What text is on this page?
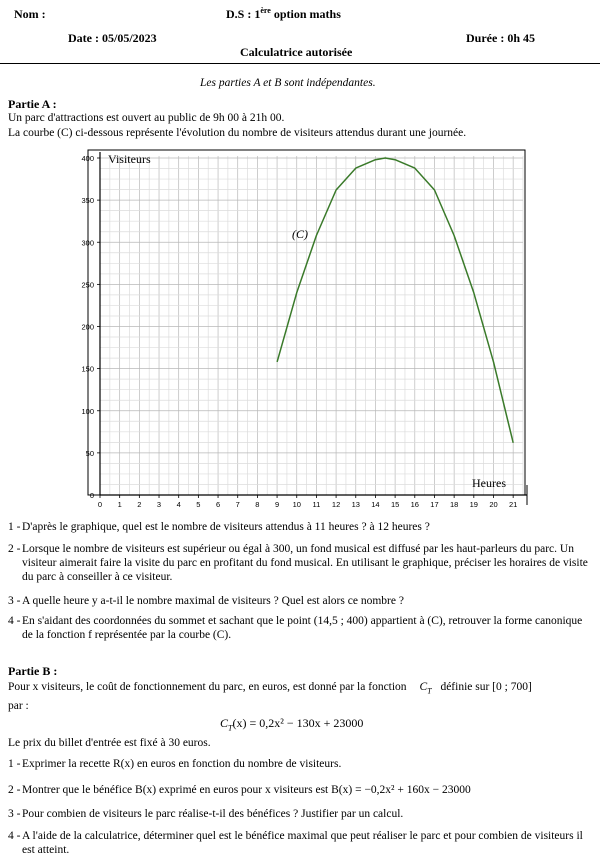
Nom :	D.S : 1ère option maths
Date : 05/05/2023	Durée : 0h 45
Calculatrice autorisée
Les parties A et B sont indépendantes.
Partie A :
Un parc d'attractions est ouvert au public de 9h 00 à 21h 00.
La courbe (C) ci-dessous représente l'évolution du nombre de visiteurs attendus durant une journée.
0 1 2 3 4 5 6 7 8 9 10 11 12 13 14 15 16 17 18 19 20 21
0
50
100
150
200
250
300
350
400 Visiteurs
Heures
(C)
1 - D'après le graphique, quel est le nombre de visiteurs attendus à 11 heures ? à 12 heures ?
2 - Lorsque le nombre de visiteurs est supérieur ou égal à 300, un fond musical est diffusé par les haut-parleurs du parc. Un visiteur aimerait faire la visite du parc en profitant du fond musical. En utilisant le graphique, préciser les horaires de visite du parc à conseiller à ce visiteur.
3 - A quelle heure y a-t-il le nombre maximal de visiteurs ? Quel est alors ce nombre ?
4 - En s'aidant des coordonnées du sommet et sachant que le point (14,5 ; 400) appartient à (C), retrouver la forme canonique de la fonction f représentée par la courbe (C).
Partie B :
Pour x visiteurs, le coût de fonctionnement du parc, en euros, est donné par la fonction $C_T$ définie sur [0 ; 700]
par :
$C_T(x) = 0,2x^2 - 130x + 23000$
Le prix du billet d'entrée est fixé à 30 euros.
1 - Exprimer la recette R(x) en euros en fonction du nombre de visiteurs.
2 - Montrer que le bénéfice B(x) exprimé en euros pour x visiteurs est B(x) = −0,2x² + 160x − 23000
3 - Pour combien de visiteurs le parc réalise-t-il des bénéfices ? Justifier par un calcul.
4 - A l'aide de la calculatrice, déterminer quel est le bénéfice maximal que peut réaliser le parc et pour combien de visiteurs il est atteint.
